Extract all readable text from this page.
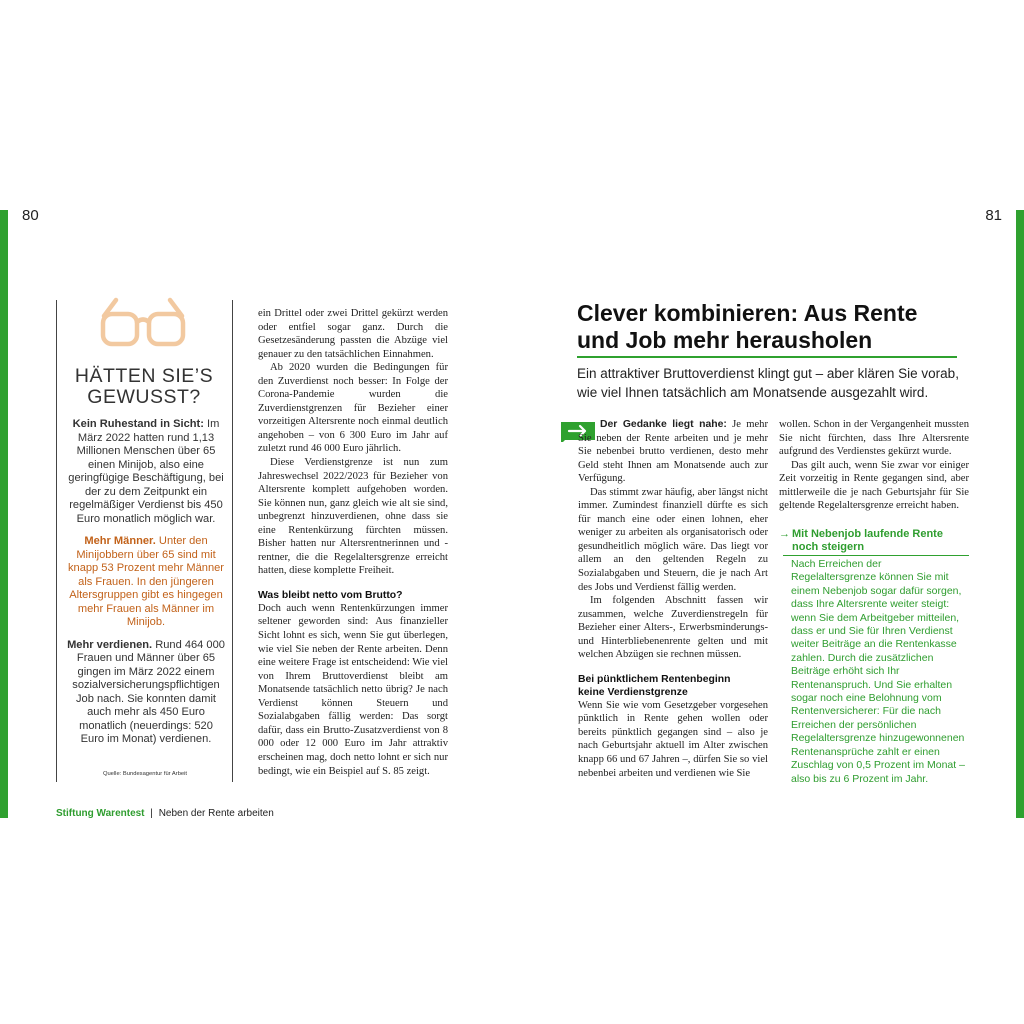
80	81
HÄTTEN SIE’S
GEWUSST?

Kein Ruhestand in Sicht: Im März 2022 hatten rund 1,13 Millionen Menschen über 65 einen Minijob, also eine geringfügige Beschäftigung, bei der zu dem Zeitpunkt ein regelmäßiger Verdienst bis 450 Euro monatlich möglich war.

Mehr Männer. Unter den Minijobbern über 65 sind mit knapp 53 Prozent mehr Männer als Frauen. In den jüngeren Altersgruppen gibt es hingegen mehr Frauen als Männer im Minijob.

Mehr verdienen. Rund 464 000 Frauen und Männer über 65 gingen im März 2022 einem sozialversicherungspflichtigen Job nach. Sie konnten damit auch mehr als 450 Euro monatlich (neuerdings: 520 Euro im Monat) verdienen.

Quelle: Bundesagentur für Arbeit

ein Drittel oder zwei Drittel gekürzt werden oder entfiel sogar ganz. Durch die Gesetzesänderung passten die Abzüge viel genauer zu den tatsächlichen Einnahmen.

Ab 2020 wurden die Bedingungen für den Zuverdienst noch besser: In Folge der Corona-Pandemie wurden die Zuverdienstgrenzen für Bezieher einer vorzeitigen Altersrente noch einmal deutlich angehoben – von 6 300 Euro im Jahr auf zuletzt rund 46 000 Euro jährlich.

Diese Verdienstgrenze ist nun zum Jahreswechsel 2022/2023 für Bezieher von Altersrente komplett aufgehoben worden. Sie können nun, ganz gleich wie alt sie sind, unbegrenzt hinzuverdienen, ohne dass sie eine Rentenkürzung fürchten müssen. Bisher hatten nur Altersrentnerinnen und -rentner, die die Regelaltersgrenze erreicht hatten, diese komplette Freiheit.

Was bleibt netto vom Brutto?

Doch auch wenn Rentenkürzungen immer seltener geworden sind: Aus finanzieller Sicht lohnt es sich, wenn Sie gut überlegen, wie viel Sie neben der Rente arbeiten. Denn eine weitere Frage ist entscheidend: Wie viel von Ihrem Bruttoverdienst bleibt am Monatsende tatsächlich netto übrig? Je nach Verdienst können Steuern und Sozialabgaben fällig werden: Das sorgt dafür, dass ein Brutto-Zusatzverdienst von 8 000 oder 12 000 Euro im Jahr attraktiv erscheinen mag, doch netto lohnt er sich nur bedingt, wie ein Beispiel auf S. 85 zeigt.

Clever kombinieren: Aus Rente
und Job mehr herausholen
Ein attraktiver Bruttoverdienst klingt gut – aber klären Sie vorab, wie viel Ihnen tatsächlich am Monatsende ausgezahlt wird.

Der Gedanke liegt nahe: Je mehr Sie neben der Rente arbeiten und je mehr Sie nebenbei brutto verdienen, desto mehr Geld steht Ihnen am Monatsende auch zur Verfügung.

Das stimmt zwar häufig, aber längst nicht immer. Zumindest finanziell dürfte es sich für manch eine oder einen lohnen, eher weniger zu arbeiten als organisatorisch oder gesundheitlich möglich wäre. Das liegt vor allem an den geltenden Regeln zu Sozialabgaben und Steuern, die je nach Art des Jobs und Verdienst fällig werden.

Im folgenden Abschnitt fassen wir zusammen, welche Zuverdienstregeln für Bezieher einer Alters-, Erwerbsminderungs- und Hinterbliebenenrente gelten und mit welchen Abzügen sie rechnen müssen.

Bei pünktlichem Rentenbeginn
keine Verdienstgrenze

Wenn Sie wie vom Gesetzgeber vorgesehen pünktlich in Rente gehen wollen oder bereits pünktlich gegangen sind – also je nach Geburtsjahr aktuell im Alter zwischen knapp 66 und 67 Jahren –, dürfen Sie so viel nebenbei arbeiten und verdienen wie Sie

wollen. Schon in der Vergangenheit mussten Sie nicht fürchten, dass Ihre Altersrente aufgrund des Verdienstes gekürzt wurde.

Das gilt auch, wenn Sie zwar vor einiger Zeit vorzeitig in Rente gegangen sind, aber mittlerweile die je nach Geburtsjahr für Sie geltende Regelaltersgrenze erreicht haben.

→ Mit Nebenjob laufende Rente
noch steigern
Nach Erreichen der Regelaltersgrenze können Sie mit einem Nebenjob sogar dafür sorgen, dass Ihre Altersrente weiter steigt: wenn Sie dem Arbeitgeber mitteilen, dass er und Sie für Ihren Verdienst weiter Beiträge an die Rentenkasse zahlen. Durch die zusätzlichen Beiträge erhöht sich Ihr Rentenanspruch. Und Sie erhalten sogar noch eine Belohnung vom Rentenversicherer: Für die nach Erreichen der persönlichen Regelaltersgrenze hinzugewonnenen Rentenansprüche zahlt er einen Zuschlag von 0,5 Prozent im Monat – also bis zu 6 Prozent im Jahr.
Stiftung Warentest | Neben der Rente arbeiten
